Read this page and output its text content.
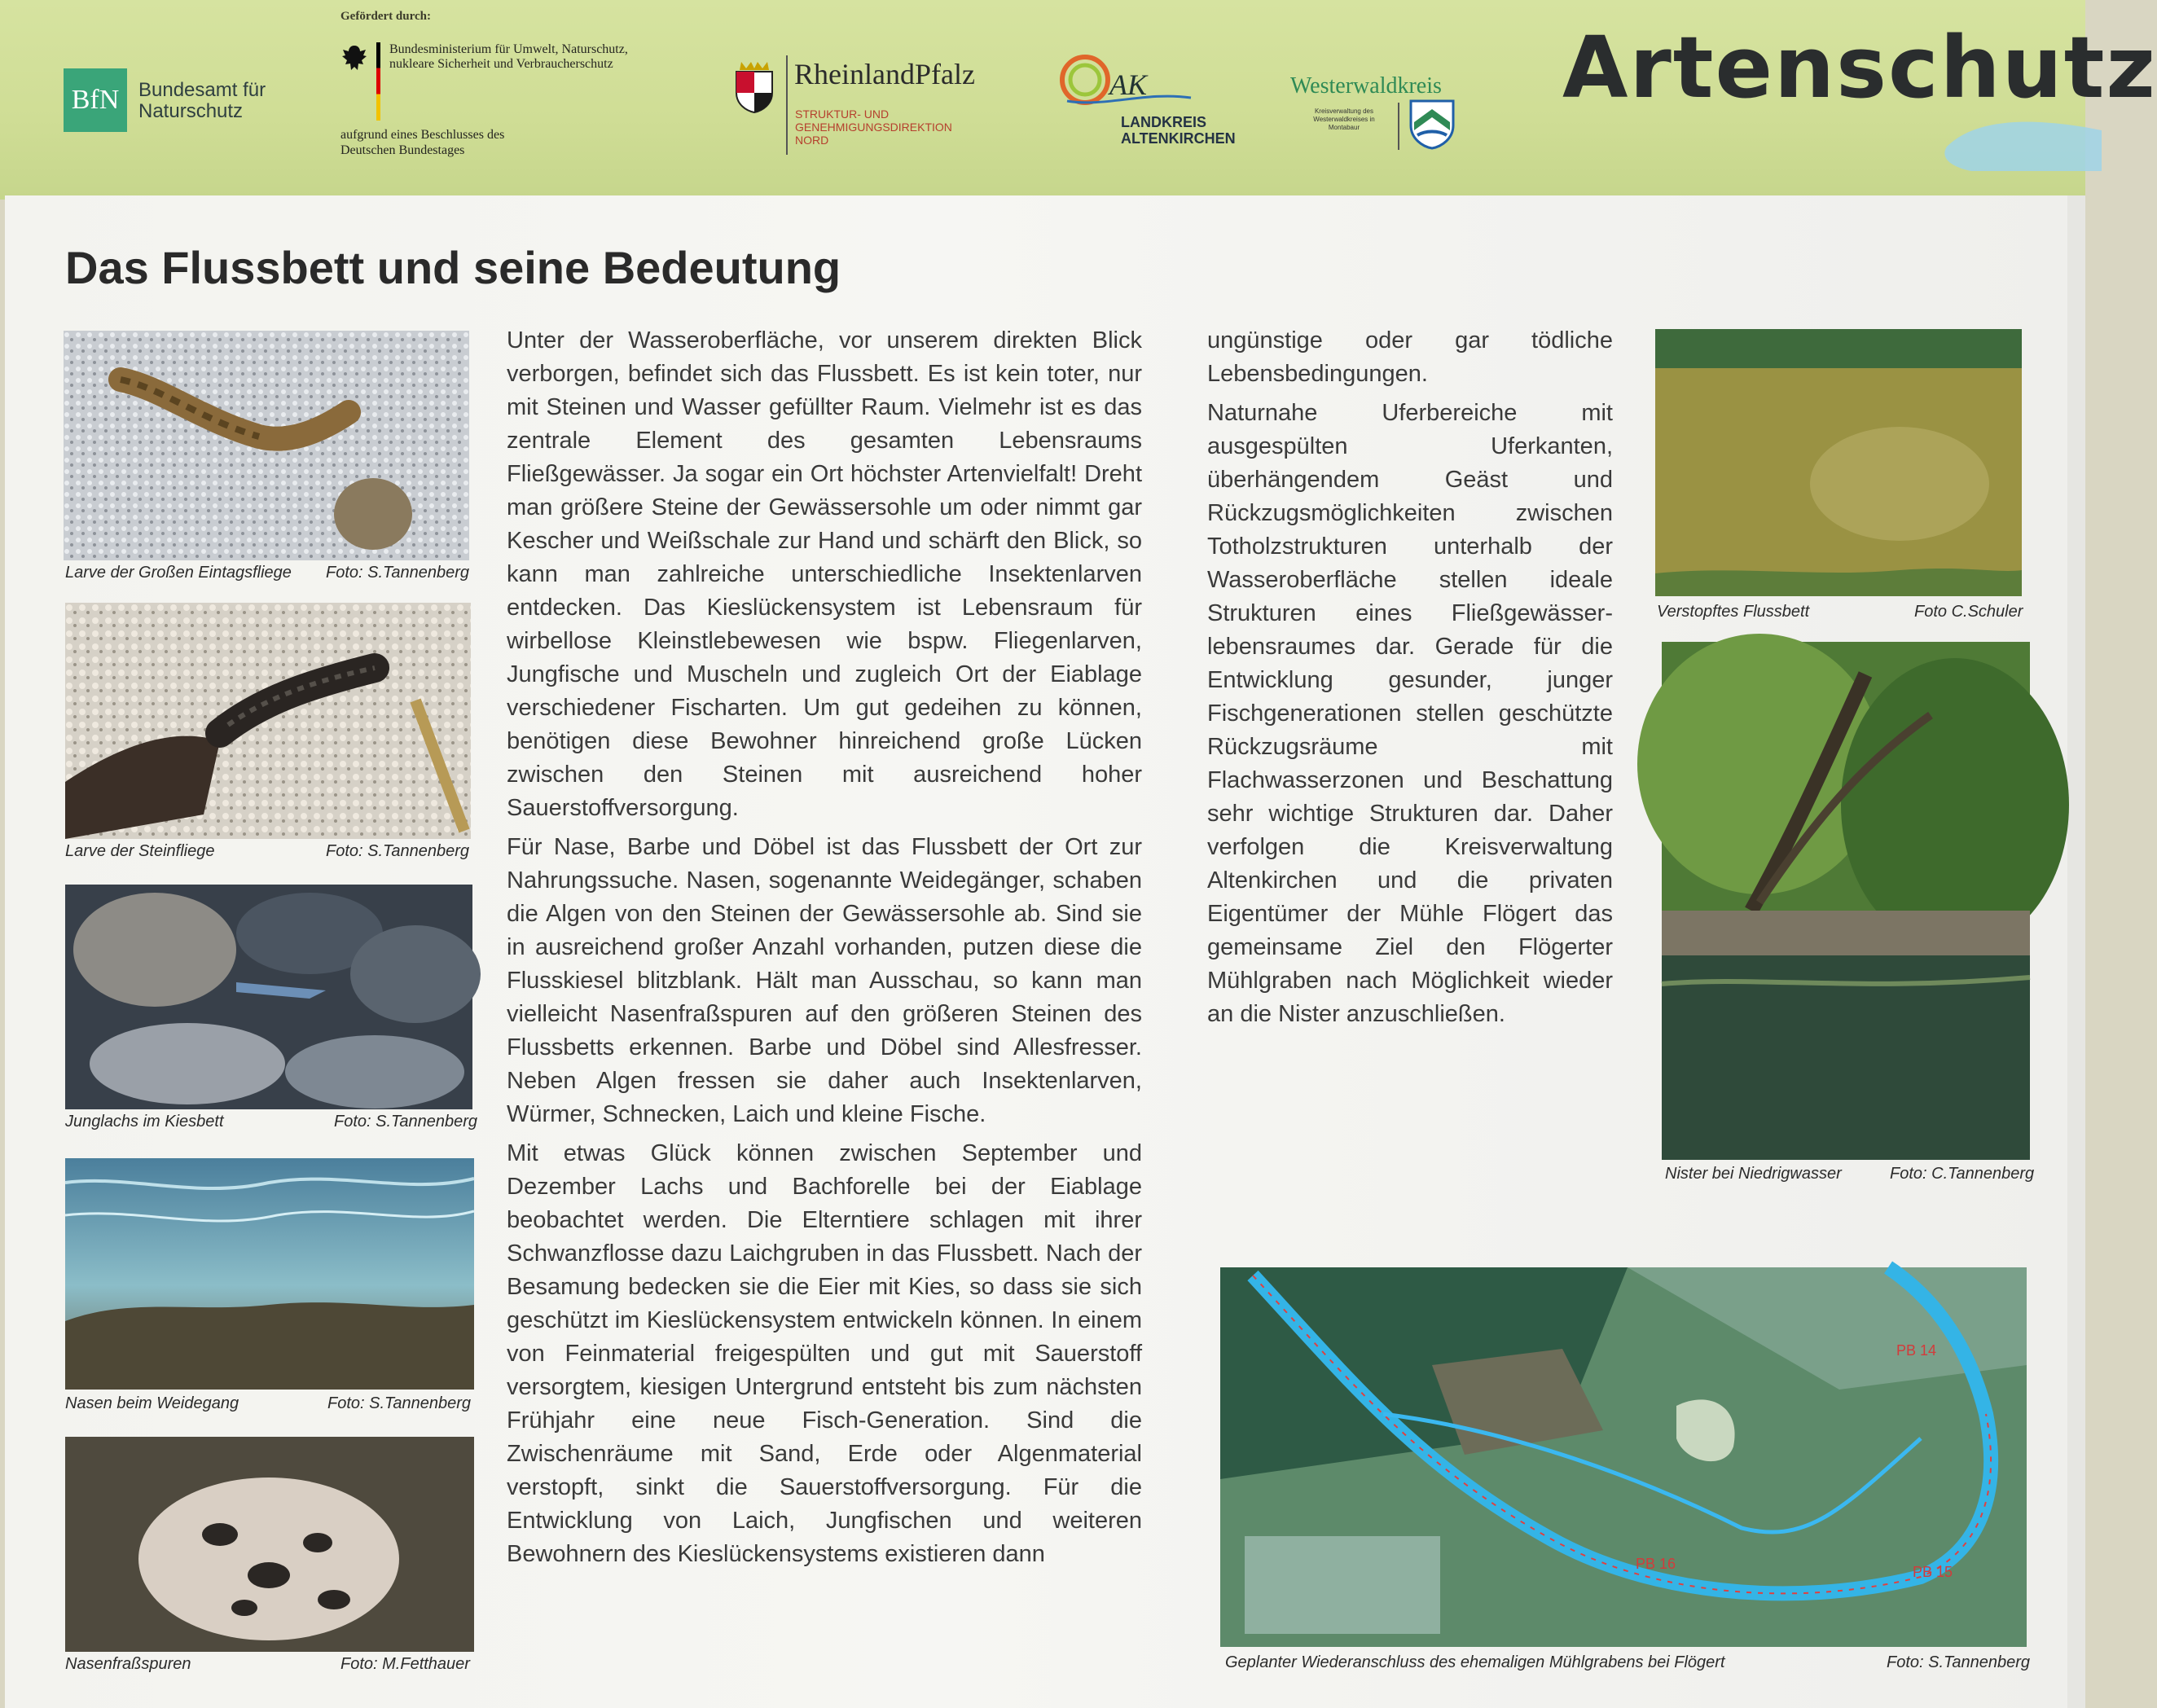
Gefördert durch:
BfN Bundesamt für Naturschutz
Bundesministerium für Umwelt, Naturschutz, nukleare Sicherheit und Verbraucherschutz
aufgrund eines Beschlusses des Deutschen Bundestages
RheinlandPfalz
STRUKTUR- UND GENEHMIGUNGSDIREKTION NORD
AK
LANDKREIS
ALTENKIRCHEN
Westerwaldkreis
Kreisverwaltung des Westerwaldkreises in Montabaur
Artenschutz
Das Flussbett und seine Bedeutung
Larve der Großen Eintagsfliege Foto: S.Tannenberg
Larve der Steinfliege	Foto: S.Tannenberg
Junglachs im Kiesbett	Foto: S.Tannenberg
Nasen beim Weidegang	Foto: S.Tannenberg
Nasenfraßspuren	Foto: M.Fetthauer

Unter der Wasseroberfläche, vor unserem direkten Blick verborgen, befindet sich das Flussbett. Es ist kein toter, nur mit Steinen und Wasser gefüllter Raum. Vielmehr ist es das zentrale Element des gesamten Lebensraums Fließgewässer. Ja sogar ein Ort höchster Artenvielfalt! Dreht man größere Steine der Gewässersohle um oder nimmt gar Kescher und Weißschale zur Hand und schärft den Blick, so kann man zahlreiche unterschiedliche Insektenlarven entdecken. Das Kieslückensystem ist Lebensraum für wirbellose Kleinstlebewesen wie bspw. Fliegenlarven, Jungfische und Muscheln und zugleich Ort der Eiablage verschiedener Fischarten. Um gut gedeihen zu können, benötigen diese Bewohner hinreichend große Lücken zwischen den Steinen mit ausreichend hoher Sauerstoffversorgung.

Für Nase, Barbe und Döbel ist das Flussbett der Ort zur Nahrungssuche. Nasen, sogenannte Weidegänger, schaben die Algen von den Steinen der Gewässersohle ab. Sind sie in ausreichend großer Anzahl vorhanden, putzen diese die Flusskiesel blitzblank. Hält man Ausschau, so kann man vielleicht Nasenfraßspuren auf den größeren Steinen des Flussbetts erkennen. Barbe und Döbel sind Allesfresser. Neben Algen fressen sie daher auch Insektenlarven, Würmer, Schnecken, Laich und kleine Fische.

Mit etwas Glück können zwischen September und Dezember Lachs und Bachforelle bei der Eiablage beobachtet werden. Die Elterntiere schlagen mit ihrer Schwanzflosse dazu Laichgruben in das Flussbett. Nach der Besamung bedecken sie die Eier mit Kies, so dass sie sich geschützt im Kieslückensystem entwickeln können. In einem von Feinmaterial freigespülten und gut mit Sauerstoff versorgtem, kiesigen Untergrund entsteht bis zum nächsten Frühjahr eine neue Fisch-Generation. Sind die Zwischenräume mit Sand, Erde oder Algenmaterial verstopft, sinkt die Sauerstoffversorgung. Für die Entwicklung von Laich, Jungfischen und weiteren Bewohnern des Kieslückensystems existieren dann

ungünstige oder gar tödliche Lebensbedingungen.

Naturnahe Uferbereiche mit ausgespülten Uferkanten, überhängendem Geäst und Rückzugsmöglichkeiten zwischen Totholzstrukturen unterhalb der Wasseroberfläche stellen ideale Strukturen eines Fließgewässer-lebensraumes dar. Gerade für die Entwicklung gesunder, junger Fischgenerationen stellen geschützte Rückzugsräume mit Flachwasserzonen und Beschattung sehr wichtige Strukturen dar. Daher verfolgen die Kreisverwaltung Altenkirchen und die privaten Eigentümer der Mühle Flögert das gemeinsame Ziel den Flögerter Mühlgraben nach Möglichkeit wieder an die Nister anzuschließen.

Verstopftes Flussbett	Foto C.Schuler
Nister bei Niedrigwasser	Foto: C.Tannenberg
PB 14
PB 15
PB 16
Geplanter Wiederanschluss des ehemaligen Mühlgrabens bei Flögert	Foto: S.Tannenberg
